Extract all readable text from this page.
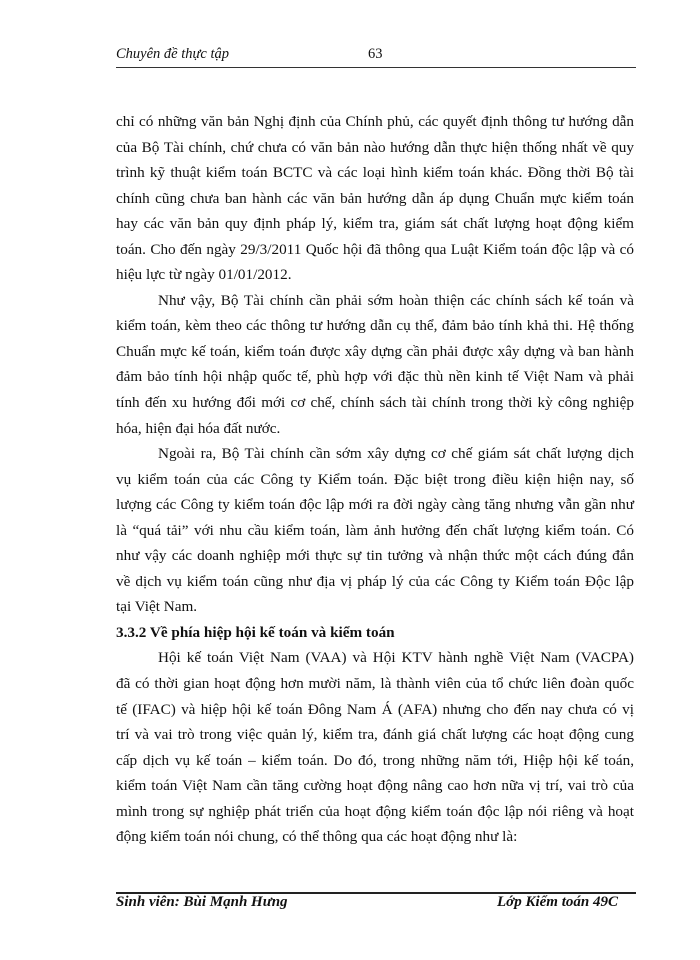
Chuyên đề thực tập	63
chỉ có những văn bản Nghị định của Chính phủ, các quyết định thông tư hướng dẫn
của Bộ Tài chính, chứ chưa có văn bản nào hướng dẫn thực hiện thống nhất về quy
trình kỹ thuật kiểm toán BCTC và các loại hình kiểm toán khác. Đồng thời Bộ tài
chính cũng chưa ban hành các văn bản hướng dẫn áp dụng Chuẩn mực kiểm toán
hay các văn bản quy định pháp lý, kiểm tra, giám sát chất lượng hoạt động kiểm
toán. Cho đến ngày 29/3/2011 Quốc hội đã thông qua Luật Kiểm toán độc lập và có
hiệu lực từ ngày 01/01/2012.
Như vậy, Bộ Tài chính cần phải sớm hoàn thiện các chính sách kế toán và
kiểm toán, kèm theo các thông tư hướng dẫn cụ thể, đảm bảo tính khả thi. Hệ thống
Chuẩn mực kế toán, kiểm toán được xây dựng cần phải được xây dựng và ban hành
đảm bảo tính hội nhập quốc tế, phù hợp với đặc thù nền kinh tế Việt Nam và phải
tính đến xu hướng đổi mới cơ chế, chính sách tài chính trong thời kỳ công nghiệp
hóa, hiện đại hóa đất nước.
Ngoài ra, Bộ Tài chính cần sớm xây dựng cơ chế giám sát chất lượng dịch
vụ kiểm toán của các Công ty Kiểm toán. Đặc biệt trong điều kiện hiện nay, số
lượng các Công ty kiểm toán độc lập mới ra đời ngày càng tăng nhưng vẫn gần như
là “quá tải” với nhu cầu kiểm toán, làm ảnh hưởng đến chất lượng kiểm toán. Có
như vậy các doanh nghiệp mới thực sự tin tưởng và nhận thức một cách đúng đắn
về dịch vụ kiểm toán cũng như địa vị pháp lý của các Công ty Kiểm toán Độc lập
tại Việt Nam.
3.3.2 Về phía hiệp hội kế toán và kiểm toán
Hội kế toán Việt Nam (VAA) và Hội KTV hành nghề Việt Nam (VACPA)
đã có thời gian hoạt động hơn mười năm, là thành viên của tổ chức liên đoàn quốc
tế (IFAC) và hiệp hội kế toán Đông Nam Á (AFA) nhưng cho đến nay chưa có vị
trí và vai trò trong việc quản lý, kiểm tra, đánh giá chất lượng các hoạt động cung
cấp dịch vụ kế toán – kiểm toán. Do đó, trong những năm tới, Hiệp hội kế toán,
kiểm toán Việt Nam cần tăng cường hoạt động nâng cao hơn nữa vị trí, vai trò của
mình trong sự nghiệp phát triển của hoạt động kiểm toán độc lập nói riêng và hoạt
động kiểm toán nói chung, có thể thông qua các hoạt động như là:
Sinh viên: Bùi Mạnh Hưng	Lớp Kiểm toán 49C
